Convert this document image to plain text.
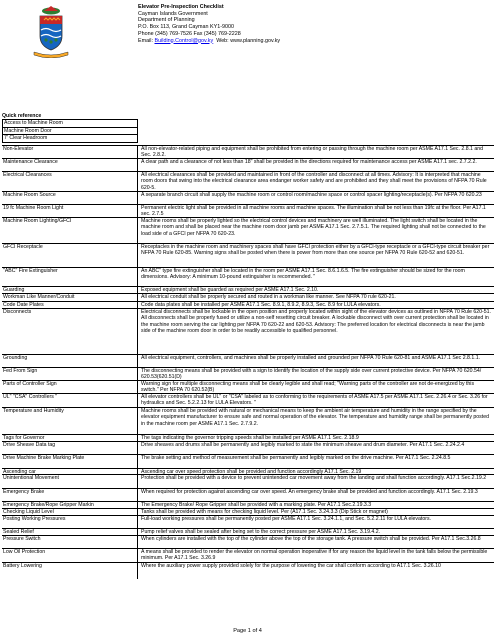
Elevator Pre-Inspection Checklist
Cayman Islands Government
Department of Planning
P.O. Box 113, Grand Cayman KY1-9000
Phone (345) 769-7526 Fax (345) 769-2228
Email: Building.Control@gov.ky  Web: www.planning.gov.ky
Quick reference
Access to Machine Room
Machine Room Door
7' Clear Headroom
Non-Elevator	All non-elevator-related piping and equipment shall be prohibited from entering or passing through the machine room per ASME A17.1 Sec. 2.8.1 and Sec. 2.8.2.
Maintenance Clearance	A clear path and a clearance of not less than 18" shall be provided in the directions required for maintenance access per ASME A17.1 sec. 2.7.2.2.
Electrical Clearances	All electrical clearances shall be provided and maintained in front of the controller and disconnect at all times. Advisory: It is interpreted that machine room doors that swing into the electrical clearance area endanger worker safety and are prohibited and they shall meet the provisions of NFPA 70 Rule 620-5.
Machine Room Source	A separate branch circuit shall supply the machine room or control room/machine space or control spacer lighting/receptacle(s). Per NFPA 70 620.23
19 fc Machine Room Light	Permanent electric light shall be provided in all machine rooms and machine spaces. The illumination shall be not less than 19fc at the floor. Per A17.1 sec. 2.7.5
Machine Room Lighting/GFCI	Machine rooms shall be properly lighted so the electrical control devices and machinery are well illuminated. The light switch shall be located in the machine room and shall be placed near the machine room door jamb per ASME A17.1 Sec. 2.7.5.1. The required lighting shall not be connected to the load side of a GFCI per NFPA 70 620-23.
GFCI Receptacle	Receptacles in the machine room and machinery spaces shall have GFCI protection either by a GFCI-type receptacle or a GFCI-type circuit breaker per NFPA 70 Rule 620-85. Warning signs shall be posted when there is power from more than one source per NFPA 70 Rule 620-52 and 620-51.
"ABC" Fire Extinguisher	An ABC" type fire extinguisher shall be located in the room per ASME A17.1 Sec. 8.6.1.6.5. The fire extinguisher should be sized for the room dimensions. Advisory: A minimum 10-pound extinguisher is recommended. "
Guarding	Exposed equipment shall be guarded as required per ASME A17.1 Sec. 2.10.
Workman Like Manner/Conduit	All electrical conduit shall be properly secured and routed in a workman like manner. See NFPA 70 rule 620-21.
Code Date Plates	Code data plates shall be installed per ASME A17.1 Sec. 8.9.1, 8.9.2, 8.9.3, Sec. 8.9 for LULA elevators.
Disconnects	Electrical disconnects shall be lockable in the open position and properly located within sight of the elevator devices as outlined in NFPA 70 Rule 620-51. All disconnects shall be properly fused or utilize a non-self resetting circuit breaker. A lockable disconnect with over current protection shall be located in the machine room serving the car lighting per NFPA 70 620-22 and 620-53. Advisory: The preferred location for electrical disconnects is near the jamb side of the machine room door in order to be readily accessible to qualified personnel.
Grounding	All electrical equipment, controllers, and machines shall be properly installed and grounded per NFPA 70 Rule 620-81 and ASME A17.1 Sec 2.8.1.1.
Fed From Sign	The disconnecting means shall be provided with a sign to identify the location of the supply side over current protective device. Per NFPA 70 620.54/ 620.53(620.51(D)
Parts of Controller Sign	Warning sign for multiple disconnecting means shall be clearly legible and shall read; "Warning parts of the controller are not de-energized by this switch." Per NFPA 70 620.52(B)
UL" "CSA" Controllers "	All elevator controllers shall be UL" or "CSA" labeled as to conforming to the requirements of ASME A17.5 per ASME A17.1 Sec. 2.26.4 or Sec. 3.26 for hydraulics and Sec. 5.2.2.13 for LULA Elevators. "
Temperature and Humidity	Machine rooms shall be provided with natural or mechanical means to keep the ambient air temperature and humidity in the range specified by the elevator equipment manufacturer to ensure safe and normal operation of the elevator. The temperature and humidity range shall be permanently posted in the machine room per ASME A17.1 Sec. 2.7.9.2.
Tags for Governor	The tags indicating the governor tripping speeds shall be installed per ASME A17.1 Sec. 2.18.9
Drive Sheave Data tag	Drive sheaves and drums shall be permanently and legibly marked to state the minimum sheave and drum diameter. Per A17.1 Sec. 2.24.2.4
Drive Machine Brake Marking Plate	The brake setting and method of measurement shall be permanently and legibly marked on the drive machine. Per A17.1 Sec. 2.24.8.5
Ascending car	Ascending car over speed protection shall be provided and function accordingly A17.1 Sec. 2.19
Unintentional Movement	Protection shall be provided with a device to prevent unintended car movement away from the landing and shall function accordingly. A17.1 Sec.2.19.2
Emergency Brake	When required for protection against ascending car over speed. An emergency brake shall be provided and function accordingly. A17.1 Sec. 2.19.3
Emergency Brake/Rope Gripper Markin	The Emergency Brake/ Rope Gripper shall be provided with a marking plate. Per A17.1 Sec.2.19.3.3
Checking Liquid Level	Tanks shall be provided with means for checking liquid level. Per (A17.1 Sec. 3.24.3.3 (Dip Stick or magnet)
Posting Working Pressures	Full-load working pressures shall be permanently posted per ASME A17.1 Sec. 3.24.1.1, and Sec. 5.2.2.11 for LULA elevators.
Sealed Relief	Pump relief valves shall be sealed after being set to the correct pressure per ASME A17.1 Sec. 3.19.4.2.
Pressure Switch	When cylinders are installed with the top of the cylinder above the top of the storage tank. A pressure switch shall be provided. Per A17.1 Sec.3.26.8
Low Oil Protection	A means shall be provided to render the elevator on normal operation inoperative if for any reason the liquid level in the tank falls below the permissible minimum. Per A17.1 Sec. 3.26.9
Battery Lowering	Where the auxiliary power supply provided solely for the purpose of lowering the car shall conform according to A17.1 Sec. 3.26.10
Page 1 of 4
